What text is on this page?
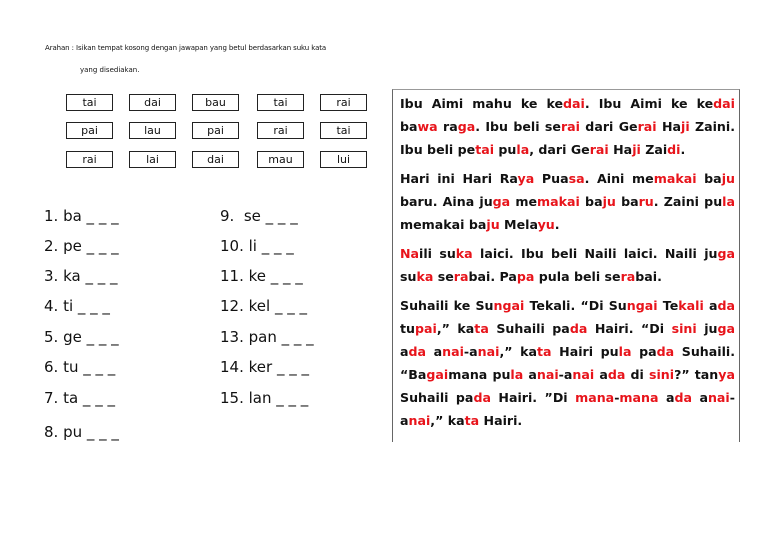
Arahan : Isikan tempat kosong dengan jawapan yang betul berdasarkan suku kata
yang disediakan.
tai	dai	bau	tai	rai
pai	lau	pai	rai	tai
rai	lai	dai	mau	lui
1. ba _ _ _
2. pe _ _ _
3. ka _ _ _
4. ti _ _ _
5. ge _ _ _
6. tu _ _ _
7. ta _ _ _
8. pu _ _ _
9.  se _ _ _
10. li _ _ _
11. ke _ _ _
12. kel _ _ _
13. pan _ _ _
14. ker _ _ _
15. lan _ _ _
Ibu Aimi mahu ke kedai. Ibu Aimi ke kedai bawa raga. Ibu beli serai dari Gerai Haji Zaini. Ibu beli petai pula, dari Gerai Haji Zaidi.
Hari ini Hari Raya Puasa. Aini memakai baju baru. Aina juga memakai baju baru. Zaini pula memakai baju Melayu.
Naili suka laici. Ibu beli Naili laici. Naili juga suka serabai. Papa pula beli serabai.
Suhaili ke Sungai Tekali. “Di Sungai Tekali ada tupai,” kata Suhaili pada Hairi. “Di sini juga ada anai-anai,” kata Hairi pula pada Suhaili. “Bagaimana pula anai-anai ada di sini?” tanya Suhaili pada Hairi. ”Di mana-mana ada anai-anai,” kata Hairi.
